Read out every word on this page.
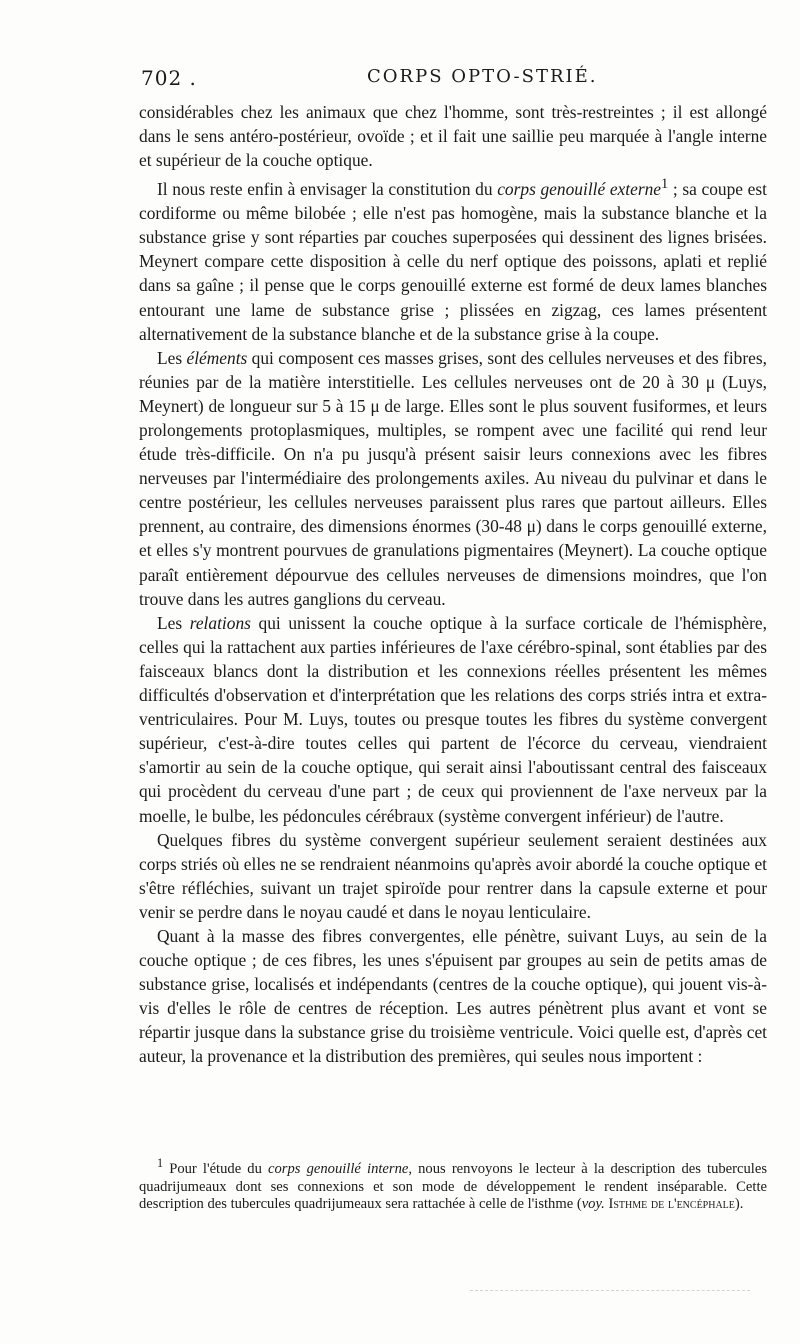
702 .	CORPS OPTO-STRIÉ.

considérables chez les animaux que chez l'homme, sont très-restreintes ; il est allongé dans le sens antéro-postérieur, ovoïde ; et il fait une saillie peu marquée à l'angle interne et supérieur de la couche optique.

Il nous reste enfin à envisager la constitution du corps genouillé externe$^1$ ; sa coupe est cordiforme ou même bilobée ; elle n'est pas homogène, mais la substance blanche et la substance grise y sont réparties par couches superposées qui dessinent des lignes brisées. Meynert compare cette disposition à celle du nerf optique des poissons, aplati et replié dans sa gaîne ; il pense que le corps genouillé externe est formé de deux lames blanches entourant une lame de substance grise ; plissées en zigzag, ces lames présentent alternativement de la substance blanche et de la substance grise à la coupe.

Les éléments qui composent ces masses grises, sont des cellules nerveuses et des fibres, réunies par de la matière interstitielle. Les cellules nerveuses ont de 20 à 30 μ (Luys, Meynert) de longueur sur 5 à 15 μ de large. Elles sont le plus souvent fusiformes, et leurs prolongements protoplasmiques, multiples, se rompent avec une facilité qui rend leur étude très-difficile. On n'a pu jusqu'à présent saisir leurs connexions avec les fibres nerveuses par l'intermédiaire des prolongements axiles. Au niveau du pulvinar et dans le centre postérieur, les cellules nerveuses paraissent plus rares que partout ailleurs. Elles prennent, au contraire, des dimensions énormes (30-48 μ) dans le corps genouillé externe, et elles s'y montrent pourvues de granulations pigmentaires (Meynert). La couche optique paraît entièrement dépourvue des cellules nerveuses de dimensions moindres, que l'on trouve dans les autres ganglions du cerveau.

Les relations qui unissent la couche optique à la surface corticale de l'hémisphère, celles qui la rattachent aux parties inférieures de l'axe cérébro-spinal, sont établies par des faisceaux blancs dont la distribution et les connexions réelles présentent les mêmes difficultés d'observation et d'interprétation que les relations des corps striés intra et extra-ventriculaires. Pour M. Luys, toutes ou presque toutes les fibres du système convergent supérieur, c'est-à-dire toutes celles qui partent de l'écorce du cerveau, viendraient s'amortir au sein de la couche optique, qui serait ainsi l'aboutissant central des faisceaux qui procèdent du cerveau d'une part ; de ceux qui proviennent de l'axe nerveux par la moelle, le bulbe, les pédoncules cérébraux (système convergent inférieur) de l'autre.

Quelques fibres du système convergent supérieur seulement seraient destinées aux corps striés où elles ne se rendraient néanmoins qu'après avoir abordé la couche optique et s'être réfléchies, suivant un trajet spiroïde pour rentrer dans la capsule externe et pour venir se perdre dans le noyau caudé et dans le noyau lenticulaire.

Quant à la masse des fibres convergentes, elle pénètre, suivant Luys, au sein de la couche optique ; de ces fibres, les unes s'épuisent par groupes au sein de petits amas de substance grise, localisés et indépendants (centres de la couche optique), qui jouent vis-à-vis d'elles le rôle de centres de réception. Les autres pénètrent plus avant et vont se répartir jusque dans la substance grise du troisième ventricule. Voici quelle est, d'après cet auteur, la provenance et la distribution des premières, qui seules nous importent :

$^1$ Pour l'étude du corps genouillé interne, nous renvoyons le lecteur à la description des tubercules quadrijumeaux dont ses connexions et son mode de développement le rendent inséparable. Cette description des tubercules quadrijumeaux sera rattachée à celle de l'isthme (voy. Isthme de l'encéphale).
